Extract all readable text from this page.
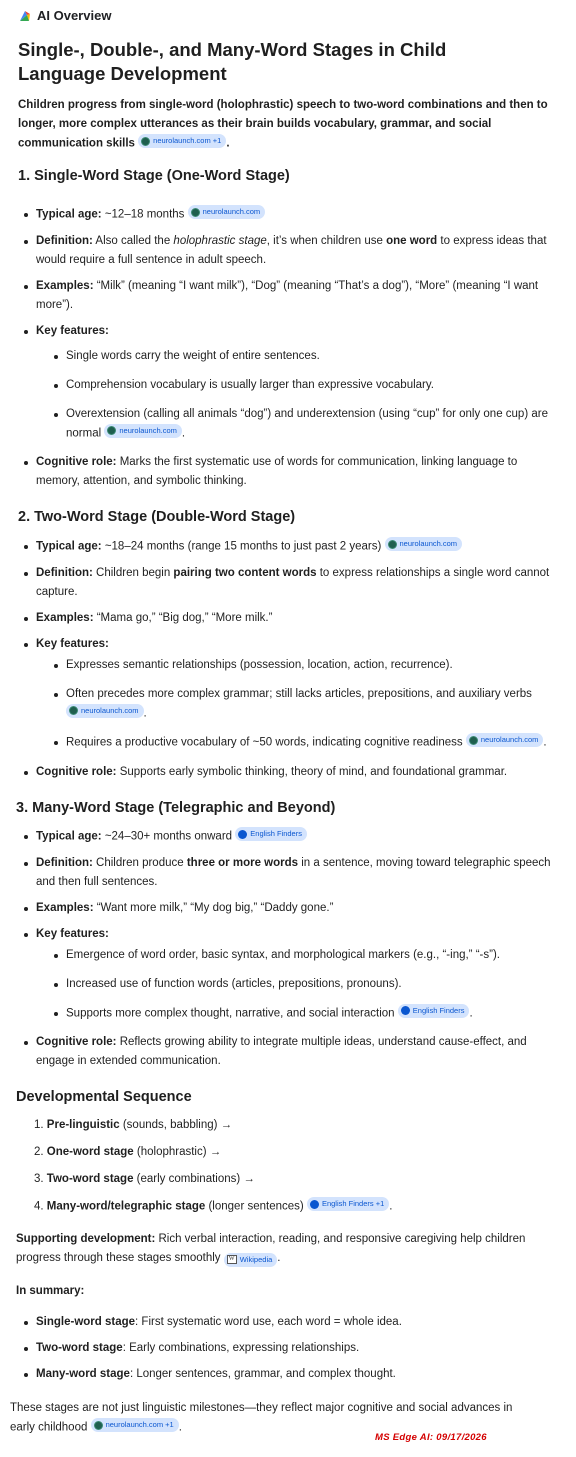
AI Overview
Single-, Double-, and Many-Word Stages in Child Language Development
Children progress from single-word (holophrastic) speech to two-word combinations and then to longer, more complex utterances as their brain builds vocabulary, grammar, and social communication skills neurolaunch.com +1 .
1. Single-Word Stage (One-Word Stage)
Typical age: ~12–18 months neurolaunch.com
Definition: Also called the holophrastic stage, it’s when children use one word to express ideas that would require a full sentence in adult speech.
Examples: “Milk” (meaning “I want milk”), “Dog” (meaning “That’s a dog”), “More” (meaning “I want more”).
Key features:
Single words carry the weight of entire sentences.
Comprehension vocabulary is usually larger than expressive vocabulary.
Overextension (calling all animals “dog”) and underextension (using “cup” for only one cup) are normal neurolaunch.com .
Cognitive role: Marks the first systematic use of words for communication, linking language to memory, attention, and symbolic thinking.
2. Two-Word Stage (Double-Word Stage)
Typical age: ~18–24 months (range 15 months to just past 2 years) neurolaunch.com
Definition: Children begin pairing two content words to express relationships a single word cannot capture.
Examples: “Mama go,” “Big dog,” “More milk.”
Key features:
Expresses semantic relationships (possession, location, action, recurrence).
Often precedes more complex grammar; still lacks articles, prepositions, and auxiliary verbs
neurolaunch.com .
Requires a productive vocabulary of ~50 words, indicating cognitive readiness neurolaunch.com .
Cognitive role: Supports early symbolic thinking, theory of mind, and foundational grammar.
3. Many-Word Stage (Telegraphic and Beyond)
Typical age: ~24–30+ months onward English Finders
Definition: Children produce three or more words in a sentence, moving toward telegraphic speech and then full sentences.
Examples: “Want more milk,” “My dog big,” “Daddy gone.”
Key features:
Emergence of word order, basic syntax, and morphological markers (e.g., “-ing,” “-s”).
Increased use of function words (articles, prepositions, pronouns).
Supports more complex thought, narrative, and social interaction English Finders .
Cognitive role: Reflects growing ability to integrate multiple ideas, understand cause-effect, and engage in extended communication.
Developmental Sequence
1. Pre-linguistic (sounds, babbling) →
2. One-word stage (holophrastic) →
3. Two-word stage (early combinations) →
4. Many-word/telegraphic stage (longer sentences) English Finders +1 .
Supporting development: Rich verbal interaction, reading, and responsive caregiving help children progress through these stages smoothly	W Wikipedia .
In summary:
Single-word stage: First systematic word use, each word = whole idea.
Two-word stage: Early combinations, expressing relationships.
Many-word stage: Longer sentences, grammar, and complex thought.
These stages are not just linguistic milestones—they reflect major cognitive and social advances in early childhood neurolaunch.com +1 .
MS Edge AI: 09/17/2026
